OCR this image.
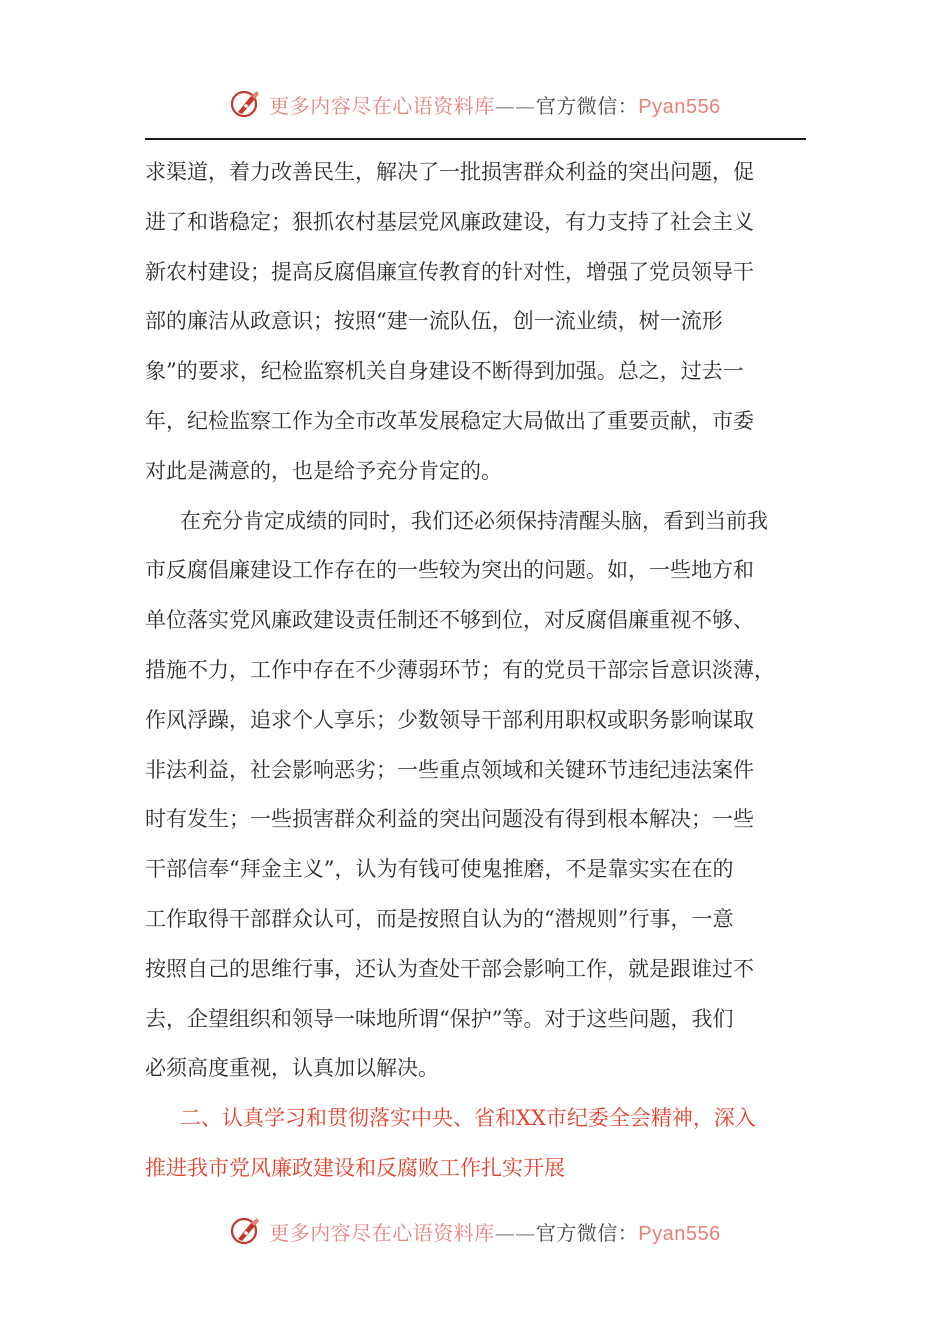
更多内容尽在心语资料库——官方微信：Pyan556
求渠道，着力改善民生，解决了一批损害群众利益的突出问题，促
进了和谐稳定；狠抓农村基层党风廉政建设，有力支持了社会主义
新农村建设；提高反腐倡廉宣传教育的针对性，增强了党员领导干
部的廉洁从政意识；按照“建一流队伍，创一流业绩，树一流形
象”的要求，纪检监察机关自身建设不断得到加强。总之，过去一
年，纪检监察工作为全市改革发展稳定大局做出了重要贡献，市委
对此是满意的，也是给予充分肯定的。
在充分肯定成绩的同时，我们还必须保持清醒头脑，看到当前我
市反腐倡廉建设工作存在的一些较为突出的问题。如，一些地方和
单位落实党风廉政建设责任制还不够到位，对反腐倡廉重视不够、
措施不力，工作中存在不少薄弱环节；有的党员干部宗旨意识淡薄，
作风浮躁，追求个人享乐；少数领导干部利用职权或职务影响谋取
非法利益，社会影响恶劣；一些重点领域和关键环节违纪违法案件
时有发生；一些损害群众利益的突出问题没有得到根本解决；一些
干部信奉“拜金主义”，认为有钱可使鬼推磨，不是靠实实在在的
工作取得干部群众认可，而是按照自认为的“潜规则”行事，一意
按照自己的思维行事，还认为查处干部会影响工作，就是跟谁过不
去，企望组织和领导一味地所谓“保护”等。对于这些问题，我们
必须高度重视，认真加以解决。
二、认真学习和贯彻落实中央、省和XX市纪委全会精神，深入
推进我市党风廉政建设和反腐败工作扎实开展
更多内容尽在心语资料库——官方微信：Pyan556
